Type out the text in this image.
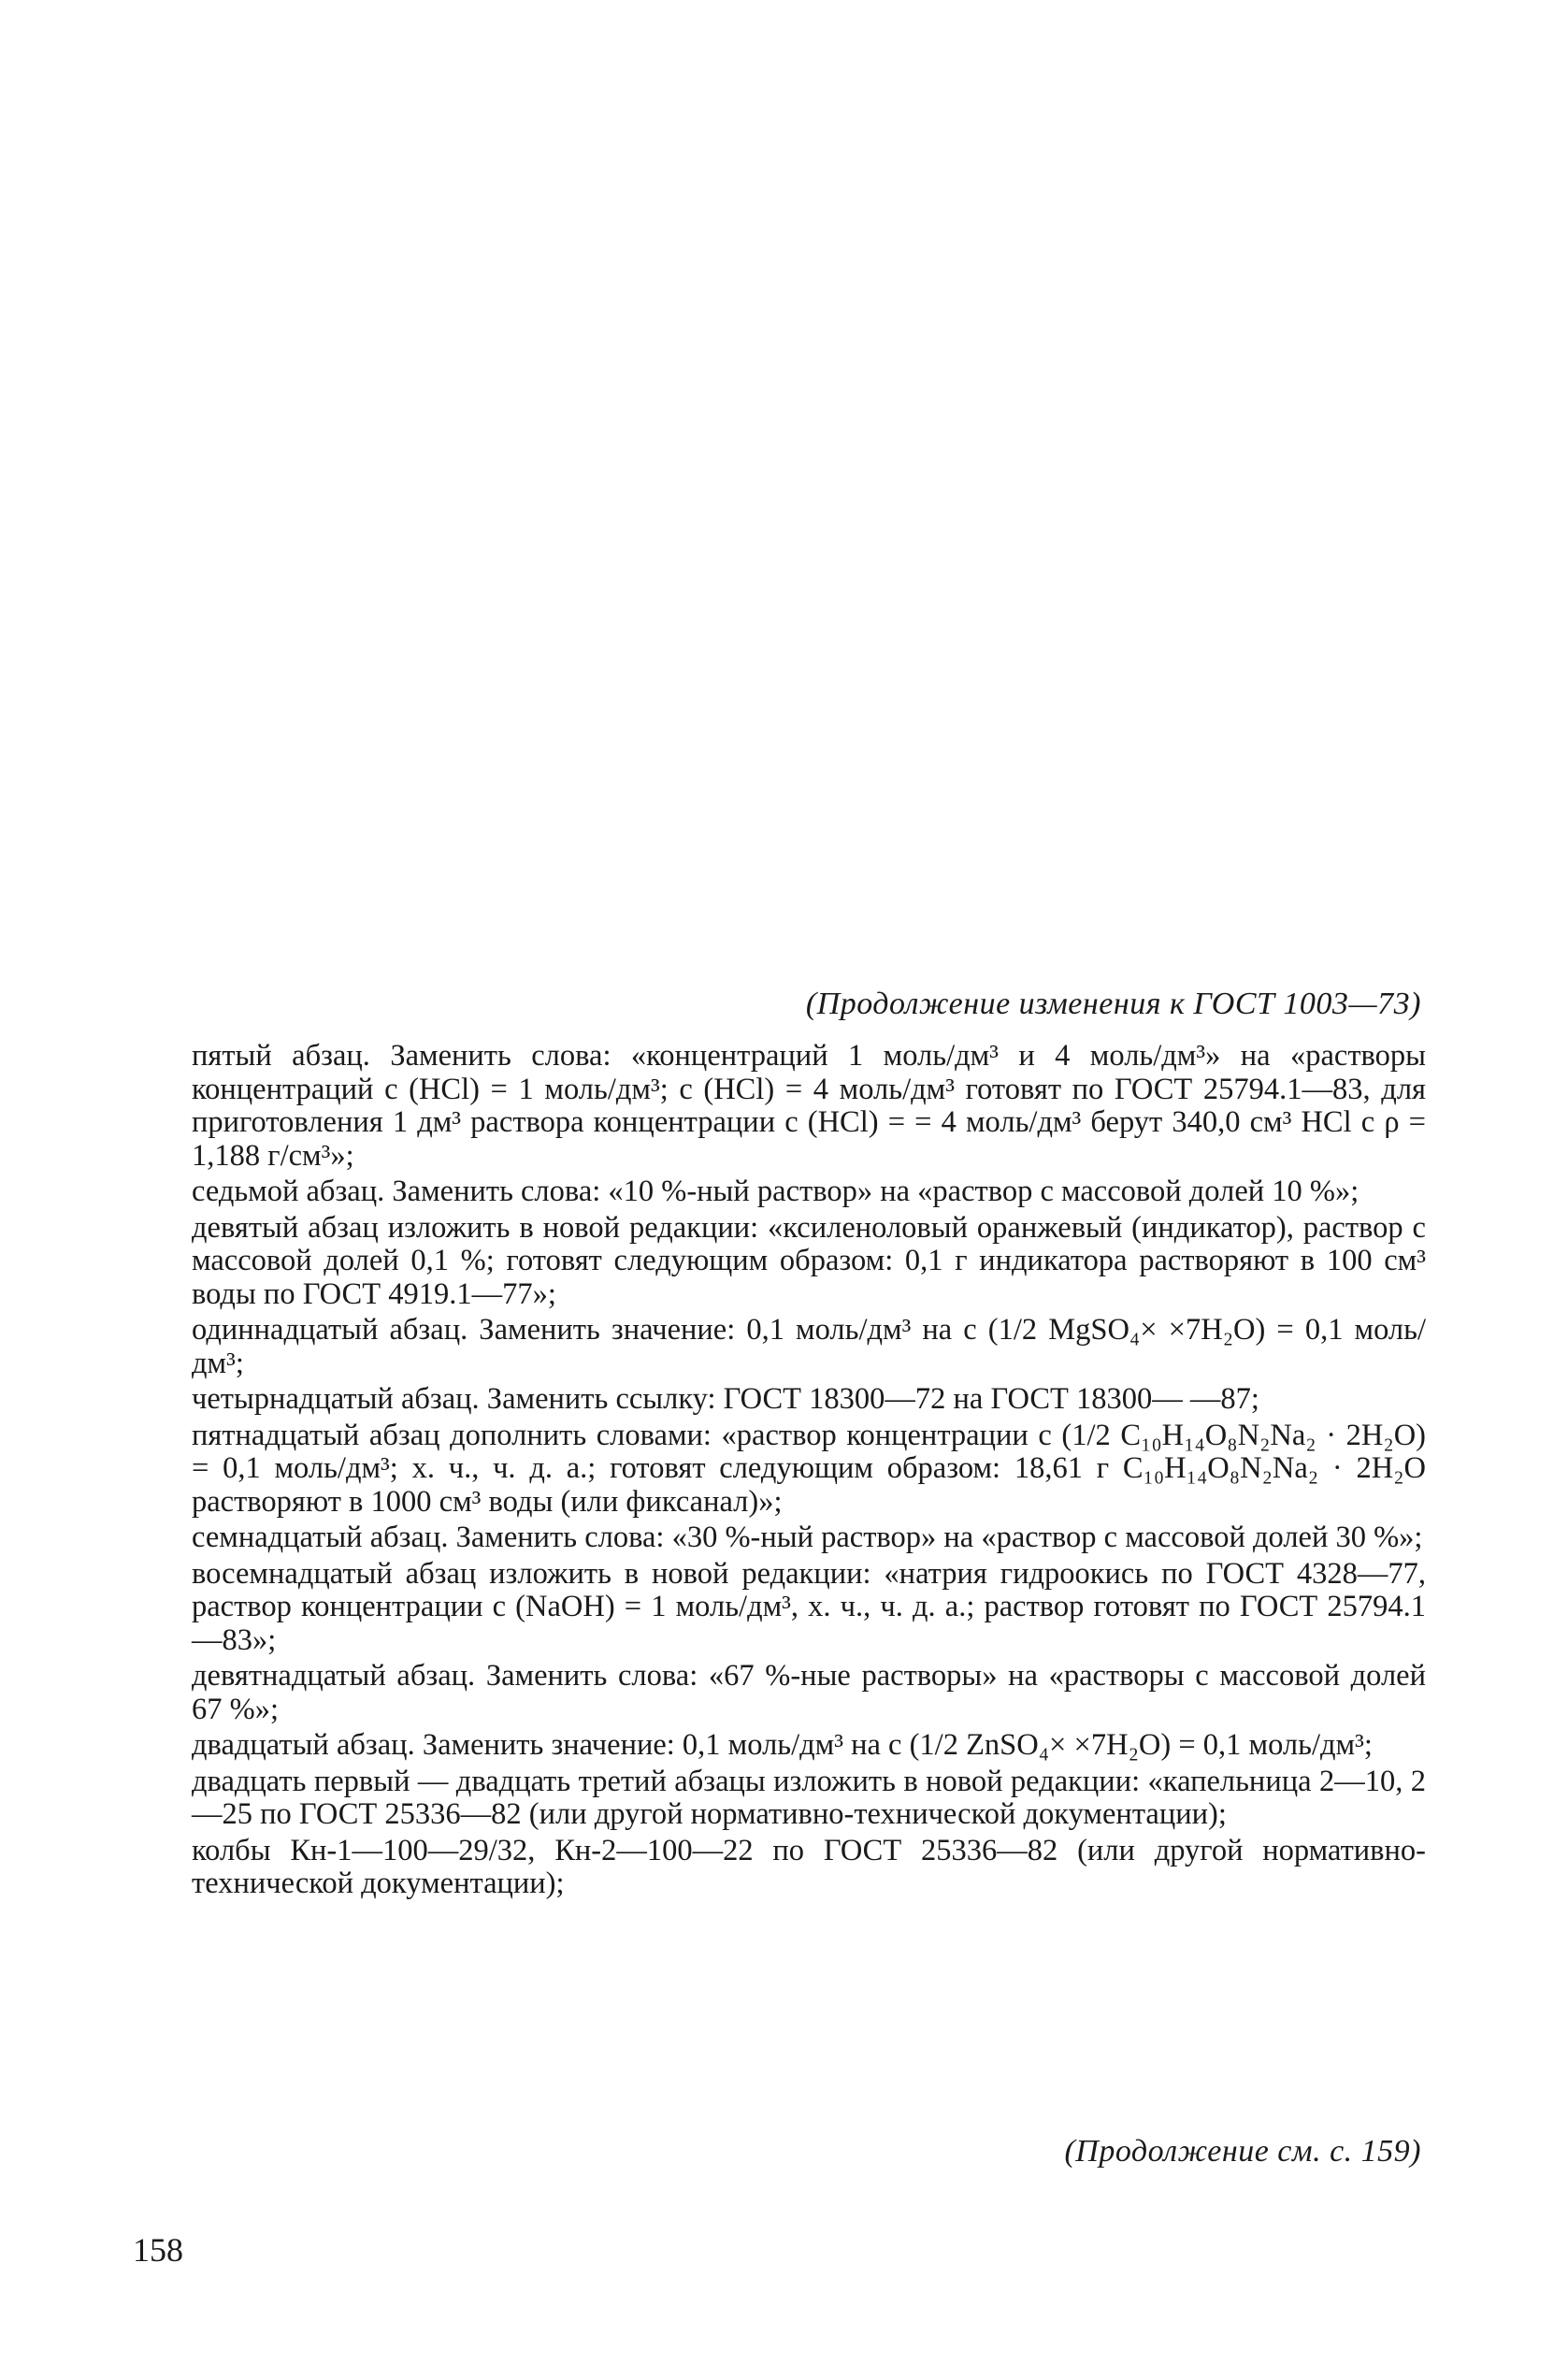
(Продолжение изменения к ГОСТ 1003—73)

пятый абзац. Заменить слова: «концентраций 1 моль/дм³ и 4 моль/дм³» на «растворы концентраций c (HCl) = 1 моль/дм³; c (HCl) = 4 моль/дм³ готовят по ГОСТ 25794.1—83, для приготовления 1 дм³ раствора концентрации c (HCl) = = 4 моль/дм³ берут 340,0 см³ HCl c ρ = 1,188 г/см³»;

седьмой абзац. Заменить слова: «10 %-ный раствор» на «раствор с массовой долей 10 %»;

девятый абзац изложить в новой редакции: «ксиленоловый оранжевый (индикатор), раствор с массовой долей 0,1 %; готовят следующим образом: 0,1 г индикатора растворяют в 100 см³ воды по ГОСТ 4919.1—77»;

одиннадцатый абзац. Заменить значение: 0,1 моль/дм³ на c (1/2 MgSO₄× ×7H₂O) = 0,1 моль/дм³;

четырнадцатый абзац. Заменить ссылку: ГОСТ 18300—72 на ГОСТ 18300— —87;

пятнадцатый абзац дополнить словами: «раствор концентрации c (1/2 C₁₀H₁₄O₈N₂Na₂ · 2H₂O) = 0,1 моль/дм³; х. ч., ч. д. а.; готовят следующим образом: 18,61 г C₁₀H₁₄O₈N₂Na₂ · 2H₂O растворяют в 1000 см³ воды (или фиксанал)»;

семнадцатый абзац. Заменить слова: «30 %-ный раствор» на «раствор с массовой долей 30 %»;

восемнадцатый абзац изложить в новой редакции: «натрия гидроокись по ГОСТ 4328—77, раствор концентрации c (NaOH) = 1 моль/дм³, х. ч., ч. д. а.; раствор готовят по ГОСТ 25794.1—83»;

девятнадцатый абзац. Заменить слова: «67 %-ные растворы» на «растворы с массовой долей 67 %»;

двадцатый абзац. Заменить значение: 0,1 моль/дм³ на c (1/2 ZnSO₄× ×7H₂O) = 0,1 моль/дм³;

двадцать первый — двадцать третий абзацы изложить в новой редакции: «капельница 2—10, 2—25 по ГОСТ 25336—82 (или другой нормативно-технической документации);

колбы Кн-1—100—29/32, Кн-2—100—22 по ГОСТ 25336—82 (или другой нормативно-технической документации);

(Продолжение см. с. 159)
158
